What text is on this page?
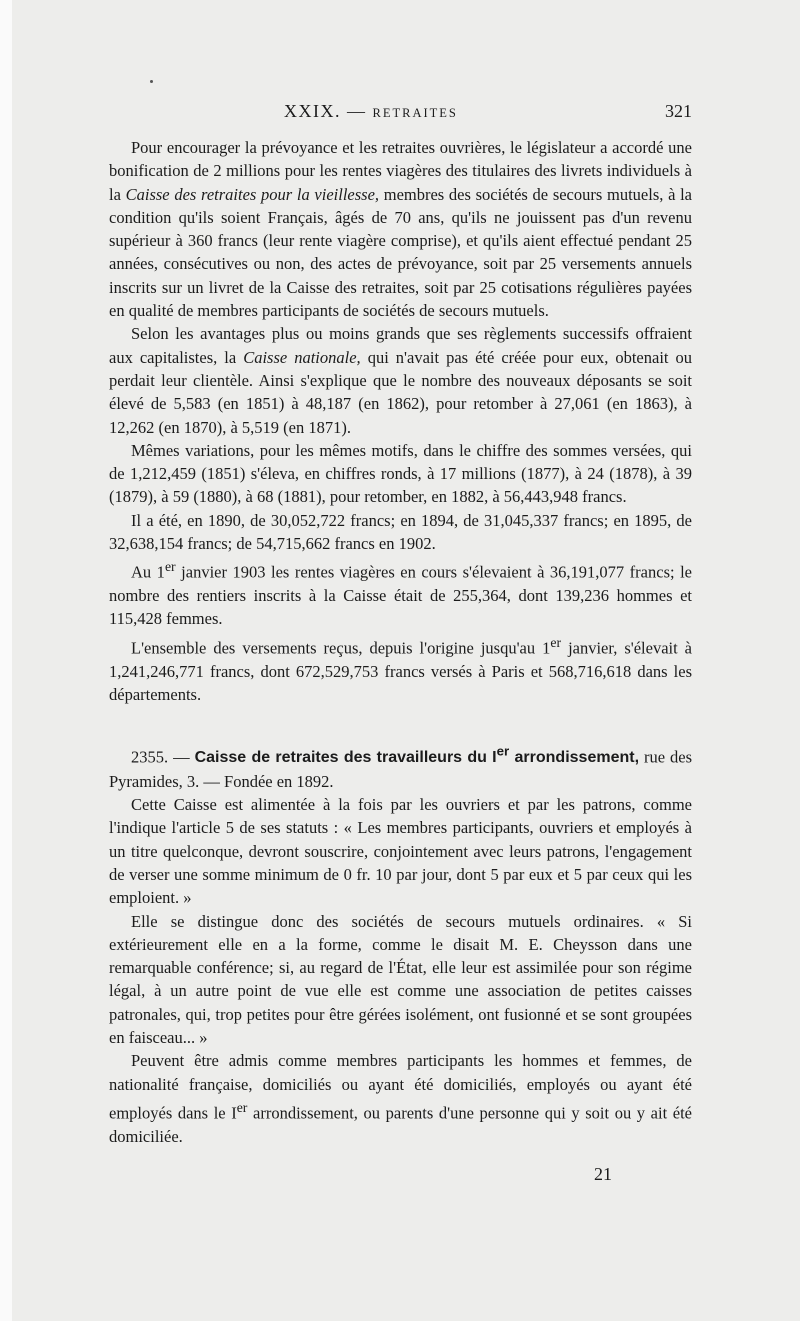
XXIX. — RETRAITES	321

Pour encourager la prévoyance et les retraites ouvrières, le législateur a accordé une bonification de 2 millions pour les rentes viagères des titulaires des livrets individuels à la Caisse des retraites pour la vieillesse, membres des sociétés de secours mutuels, à la condition qu'ils soient Français, âgés de 70 ans, qu'ils ne jouissent pas d'un revenu supérieur à 360 francs (leur rente viagère comprise), et qu'ils aient effectué pendant 25 années, consécutives ou non, des actes de prévoyance, soit par 25 versements annuels inscrits sur un livret de la Caisse des retraites, soit par 25 cotisations régulières payées en qualité de membres participants de sociétés de secours mutuels.

Selon les avantages plus ou moins grands que ses règlements successifs offraient aux capitalistes, la Caisse nationale, qui n'avait pas été créée pour eux, obtenait ou perdait leur clientèle. Ainsi s'explique que le nombre des nouveaux déposants se soit élevé de 5,583 (en 1851) à 48,187 (en 1862), pour retomber à 27,061 (en 1863), à 12,262 (en 1870), à 5,519 (en 1871).

Mêmes variations, pour les mêmes motifs, dans le chiffre des sommes versées, qui de 1,212,459 (1851) s'éleva, en chiffres ronds, à 17 millions (1877), à 24 (1878), à 39 (1879), à 59 (1880), à 68 (1881), pour retomber, en 1882, à 56,443,948 francs.

Il a été, en 1890, de 30,052,722 francs; en 1894, de 31,045,337 francs; en 1895, de 32,638,154 francs; de 54,715,662 francs en 1902.

Au 1er janvier 1903 les rentes viagères en cours s'élevaient à 36,191,077 francs; le nombre des rentiers inscrits à la Caisse était de 255,364, dont 139,236 hommes et 115,428 femmes.

L'ensemble des versements reçus, depuis l'origine jusqu'au 1er janvier, s'élevait à 1,241,246,771 francs, dont 672,529,753 francs versés à Paris et 568,716,618 dans les départements.

2355. — Caisse de retraites des travailleurs du Ier arrondissement, rue des Pyramides, 3. — Fondée en 1892.

Cette Caisse est alimentée à la fois par les ouvriers et par les patrons, comme l'indique l'article 5 de ses statuts : « Les membres participants, ouvriers et employés à un titre quelconque, devront souscrire, conjointement avec leurs patrons, l'engagement de verser une somme minimum de 0 fr. 10 par jour, dont 5 par eux et 5 par ceux qui les emploient. »

Elle se distingue donc des sociétés de secours mutuels ordinaires. « Si extérieurement elle en a la forme, comme le disait M. E. Cheysson dans une remarquable conférence; si, au regard de l'État, elle leur est assimilée pour son régime légal, à un autre point de vue elle est comme une association de petites caisses patronales, qui, trop petites pour être gérées isolément, ont fusionné et se sont groupées en faisceau... »

Peuvent être admis comme membres participants les hommes et femmes, de nationalité française, domiciliés ou ayant été domiciliés, employés ou ayant été employés dans le Ier arrondissement, ou parents d'une personne qui y soit ou y ait été domiciliée.

21
